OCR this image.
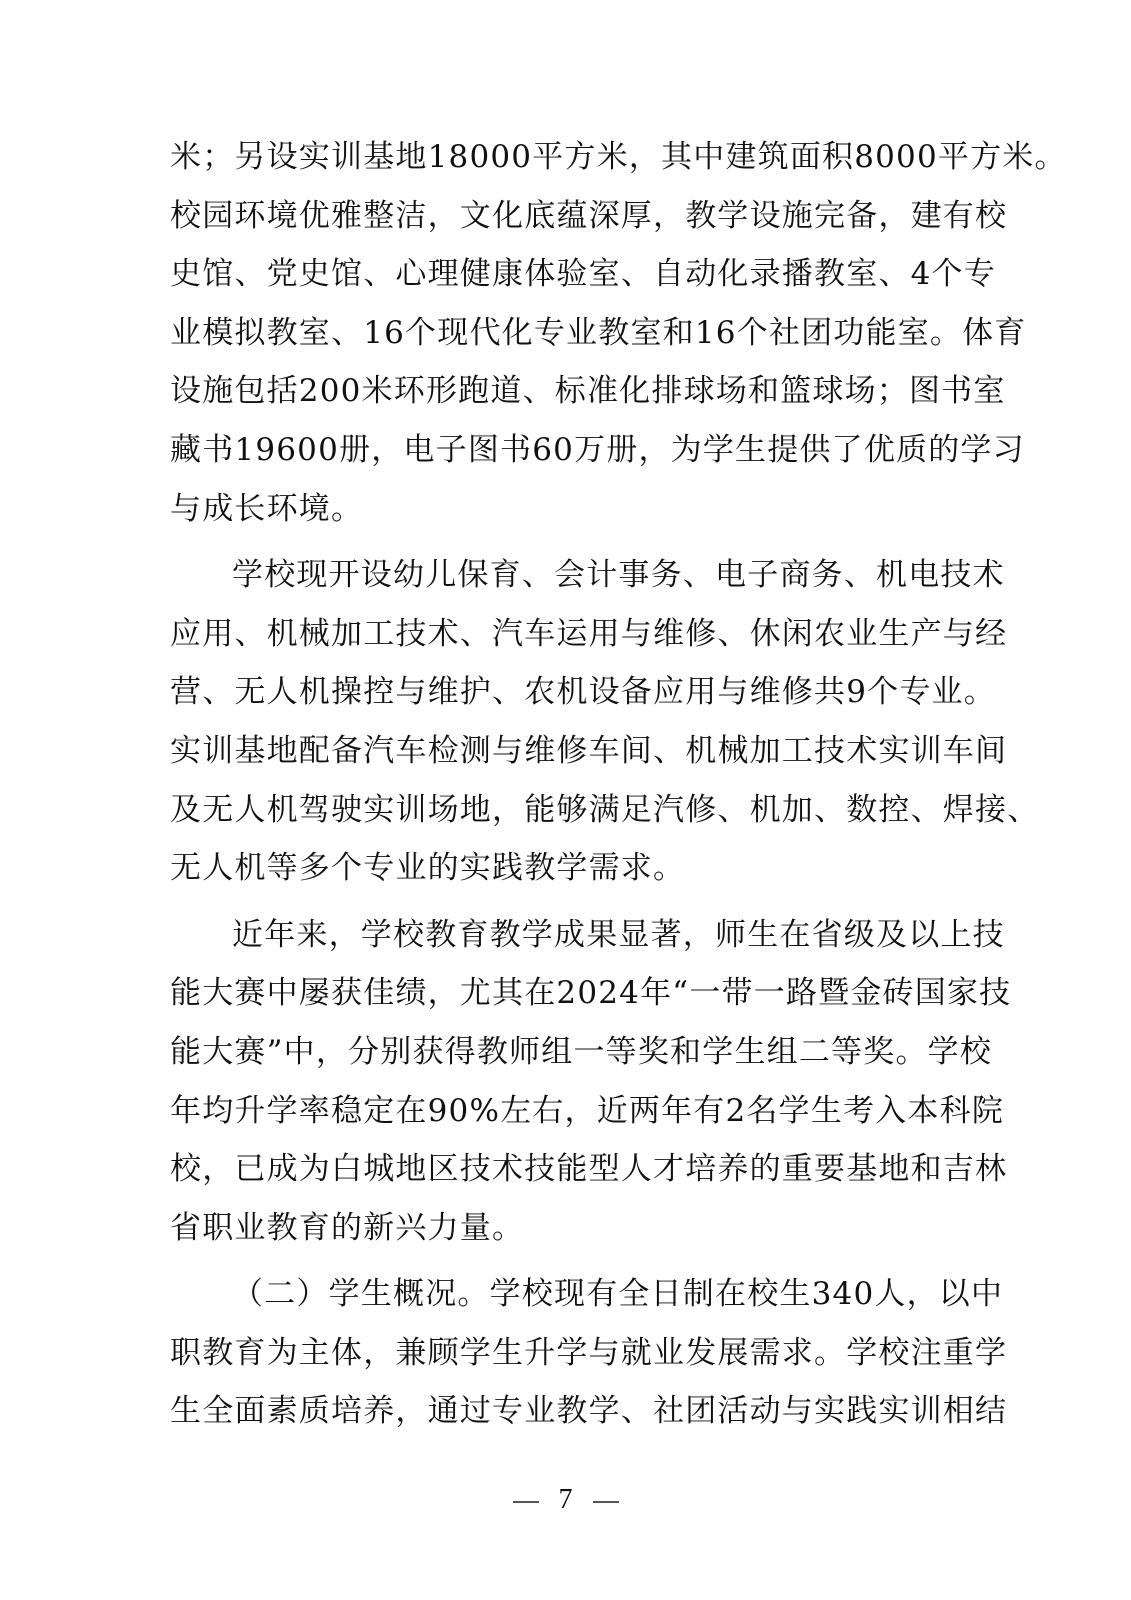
米；另设实训基地18000平方米，其中建筑面积8000平方米。
校园环境优雅整洁，文化底蕴深厚，教学设施完备，建有校
史馆、党史馆、心理健康体验室、自动化录播教室、4个专
业模拟教室、16个现代化专业教室和16个社团功能室。体育
设施包括200米环形跑道、标准化排球场和篮球场；图书室
藏书19600册，电子图书60万册，为学生提供了优质的学习
与成长环境。
学校现开设幼儿保育、会计事务、电子商务、机电技术
应用、机械加工技术、汽车运用与维修、休闲农业生产与经
营、无人机操控与维护、农机设备应用与维修共9个专业。
实训基地配备汽车检测与维修车间、机械加工技术实训车间
及无人机驾驶实训场地，能够满足汽修、机加、数控、焊接、
无人机等多个专业的实践教学需求。
近年来，学校教育教学成果显著，师生在省级及以上技
能大赛中屡获佳绩，尤其在2024年“一带一路暨金砖国家技
能大赛”中，分别获得教师组一等奖和学生组二等奖。学校
年均升学率稳定在90%左右，近两年有2名学生考入本科院
校，已成为白城地区技术技能型人才培养的重要基地和吉林
省职业教育的新兴力量。
（二）学生概况。学校现有全日制在校生340人，以中
职教育为主体，兼顾学生升学与就业发展需求。学校注重学
生全面素质培养，通过专业教学、社团活动与实践实训相结
7
